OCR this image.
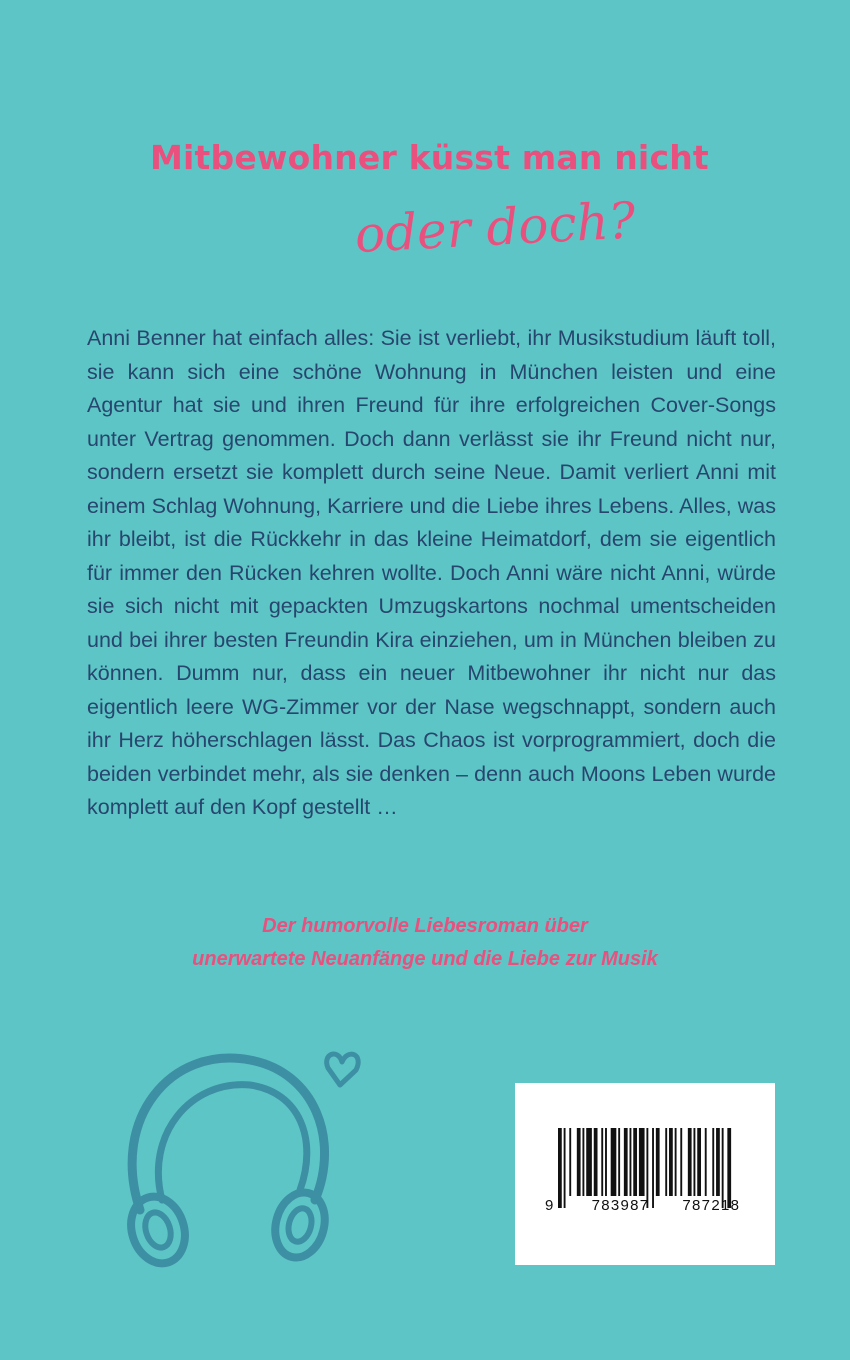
Mitbewohner küsst man nicht
oder doch?
Anni Benner hat einfach alles: Sie ist verliebt, ihr Musikstudium läuft toll, sie kann sich eine schöne Wohnung in München leisten und eine Agentur hat sie und ihren Freund für ihre erfolgreichen Cover-Songs unter Vertrag genommen. Doch dann verlässt sie ihr Freund nicht nur, sondern ersetzt sie komplett durch seine Neue. Damit verliert Anni mit einem Schlag Wohnung, Karriere und die Liebe ihres Lebens. Alles, was ihr bleibt, ist die Rückkehr in das kleine Heimatdorf, dem sie eigentlich für immer den Rücken kehren wollte. Doch Anni wäre nicht Anni, würde sie sich nicht mit gepackten Umzugskartons nochmal umentscheiden und bei ihrer besten Freundin Kira einziehen, um in München bleiben zu können. Dumm nur, dass ein neuer Mitbewohner ihr nicht nur das eigentlich leere WG-Zimmer vor der Nase wegschnappt, sondern auch ihr Herz höherschlagen lässt. Das Chaos ist vorprogrammiert, doch die beiden verbindet mehr, als sie denken – denn auch Moons Leben wurde komplett auf den Kopf gestellt …
Der humorvolle Liebesroman über
unerwartete Neuanfänge und die Liebe zur Musik
9 783987 787218
